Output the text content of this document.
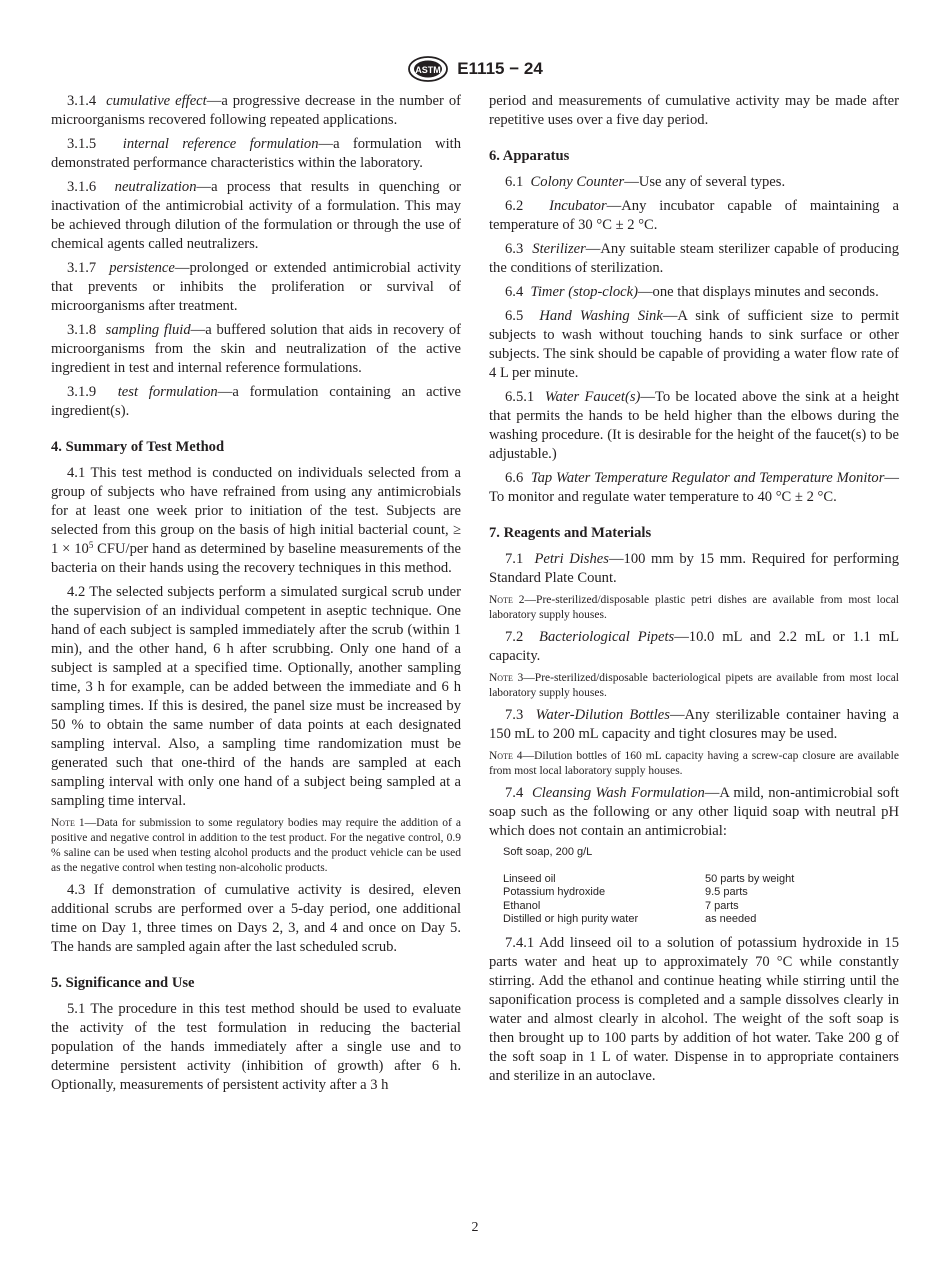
ASTM E1115 − 24

3.1.4 cumulative effect—a progressive decrease in the number of microorganisms recovered following repeated applications.

3.1.5 internal reference formulation—a formulation with demonstrated performance characteristics within the laboratory.

3.1.6 neutralization—a process that results in quenching or inactivation of the antimicrobial activity of a formulation. This may be achieved through dilution of the formulation or through the use of chemical agents called neutralizers.

3.1.7 persistence—prolonged or extended antimicrobial activity that prevents or inhibits the proliferation or survival of microorganisms after treatment.

3.1.8 sampling fluid—a buffered solution that aids in recovery of microorganisms from the skin and neutralization of the active ingredient in test and internal reference formulations.

3.1.9 test formulation—a formulation containing an active ingredient(s).

4. Summary of Test Method

4.1 This test method is conducted on individuals selected from a group of subjects who have refrained from using any antimicrobials for at least one week prior to initiation of the test. Subjects are selected from this group on the basis of high initial bacterial count, ≥ $1 \times 10^5$ CFU/per hand as determined by baseline measurements of the bacteria on their hands using the recovery techniques in this method.

4.2 The selected subjects perform a simulated surgical scrub under the supervision of an individual competent in aseptic technique. One hand of each subject is sampled immediately after the scrub (within 1 min), and the other hand, 6 h after scrubbing. Only one hand of a subject is sampled at a specified time. Optionally, another sampling time, 3 h for example, can be added between the immediate and 6 h sampling times. If this is desired, the panel size must be increased by 50 % to obtain the same number of data points at each designated sampling interval. Also, a sampling time randomization must be generated such that one-third of the hands are sampled at each sampling interval with only one hand of a subject being sampled at a sampling time interval.

Note 1—Data for submission to some regulatory bodies may require the addition of a positive and negative control in addition to the test product. For the negative control, 0.9 % saline can be used when testing alcohol products and the product vehicle can be used as the negative control when testing non-alcoholic products.

4.3 If demonstration of cumulative activity is desired, eleven additional scrubs are performed over a 5-day period, one additional time on Day 1, three times on Days 2, 3, and 4 and once on Day 5. The hands are sampled again after the last scheduled scrub.

5. Significance and Use

5.1 The procedure in this test method should be used to evaluate the activity of the test formulation in reducing the bacterial population of the hands immediately after a single use and to determine persistent activity (inhibition of growth) after 6 h. Optionally, measurements of persistent activity after a 3 h

period and measurements of cumulative activity may be made after repetitive uses over a five day period.

6. Apparatus

6.1 Colony Counter—Use any of several types.

6.2 Incubator—Any incubator capable of maintaining a temperature of 30 °C ± 2 °C.

6.3 Sterilizer—Any suitable steam sterilizer capable of producing the conditions of sterilization.

6.4 Timer (stop-clock)—one that displays minutes and seconds.

6.5 Hand Washing Sink—A sink of sufficient size to permit subjects to wash without touching hands to sink surface or other subjects. The sink should be capable of providing a water flow rate of 4 L per minute.

6.5.1 Water Faucet(s)—To be located above the sink at a height that permits the hands to be held higher than the elbows during the washing procedure. (It is desirable for the height of the faucet(s) to be adjustable.)

6.6 Tap Water Temperature Regulator and Temperature Monitor—To monitor and regulate water temperature to 40 °C ± 2 °C.

7. Reagents and Materials

7.1 Petri Dishes—100 mm by 15 mm. Required for performing Standard Plate Count.

Note 2—Pre-sterilized/disposable plastic petri dishes are available from most local laboratory supply houses.

7.2 Bacteriological Pipets—10.0 mL and 2.2 mL or 1.1 mL capacity.

Note 3—Pre-sterilized/disposable bacteriological pipets are available from most local laboratory supply houses.

7.3 Water-Dilution Bottles—Any sterilizable container having a 150 mL to 200 mL capacity and tight closures may be used.

Note 4—Dilution bottles of 160 mL capacity having a screw-cap closure are available from most local laboratory supply houses.

7.4 Cleansing Wash Formulation—A mild, non-antimicrobial soft soap such as the following or any other liquid soap with neutral pH which does not contain an antimicrobial:

Soft soap, 200 g/L
Linseed oil	50 parts by weight
Potassium hydroxide	9.5 parts
Ethanol	7 parts
Distilled or high purity water	as needed

7.4.1 Add linseed oil to a solution of potassium hydroxide in 15 parts water and heat up to approximately 70 °C while constantly stirring. Add the ethanol and continue heating while stirring until the saponification process is completed and a sample dissolves clearly in water and almost clearly in alcohol. The weight of the soft soap is then brought up to 100 parts by addition of hot water. Take 200 g of the soft soap in 1 L of water. Dispense in to appropriate containers and sterilize in an autoclave.

2
